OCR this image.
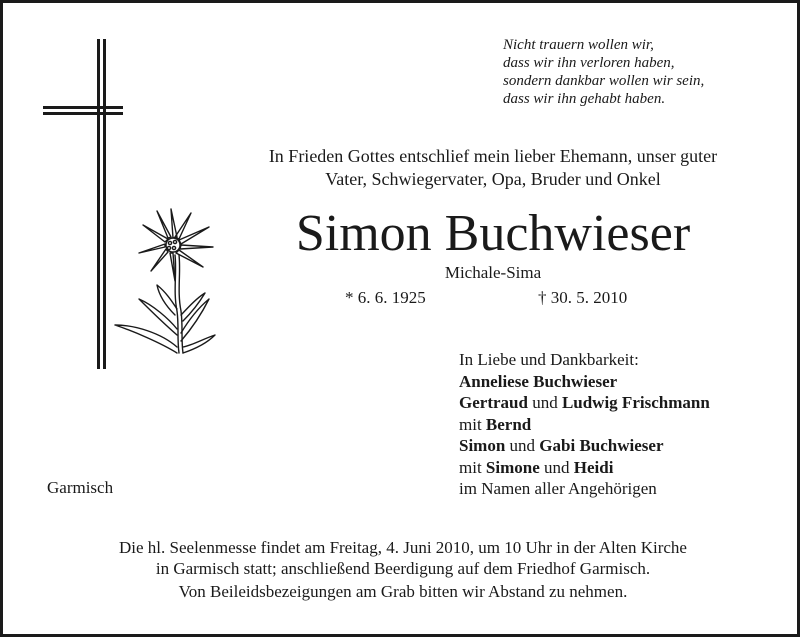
Nicht trauern wollen wir,
dass wir ihn verloren haben,
sondern dankbar wollen wir sein,
dass wir ihn gehabt haben.
In Frieden Gottes entschlief mein lieber Ehemann, unser guter
Vater, Schwiegervater, Opa, Bruder und Onkel
Simon Buchwieser
Michale-Sima
* 6. 6. 1925	† 30. 5. 2010
In Liebe und Dankbarkeit:
Anneliese Buchwieser
Gertraud und Ludwig Frischmann
mit Bernd
Simon und Gabi Buchwieser
mit Simone und Heidi
im Namen aller Angehörigen
Garmisch
Die hl. Seelenmesse findet am Freitag, 4. Juni 2010, um 10 Uhr in der Alten Kirche
in Garmisch statt; anschließend Beerdigung auf dem Friedhof Garmisch.
Von Beileidsbezeigungen am Grab bitten wir Abstand zu nehmen.
